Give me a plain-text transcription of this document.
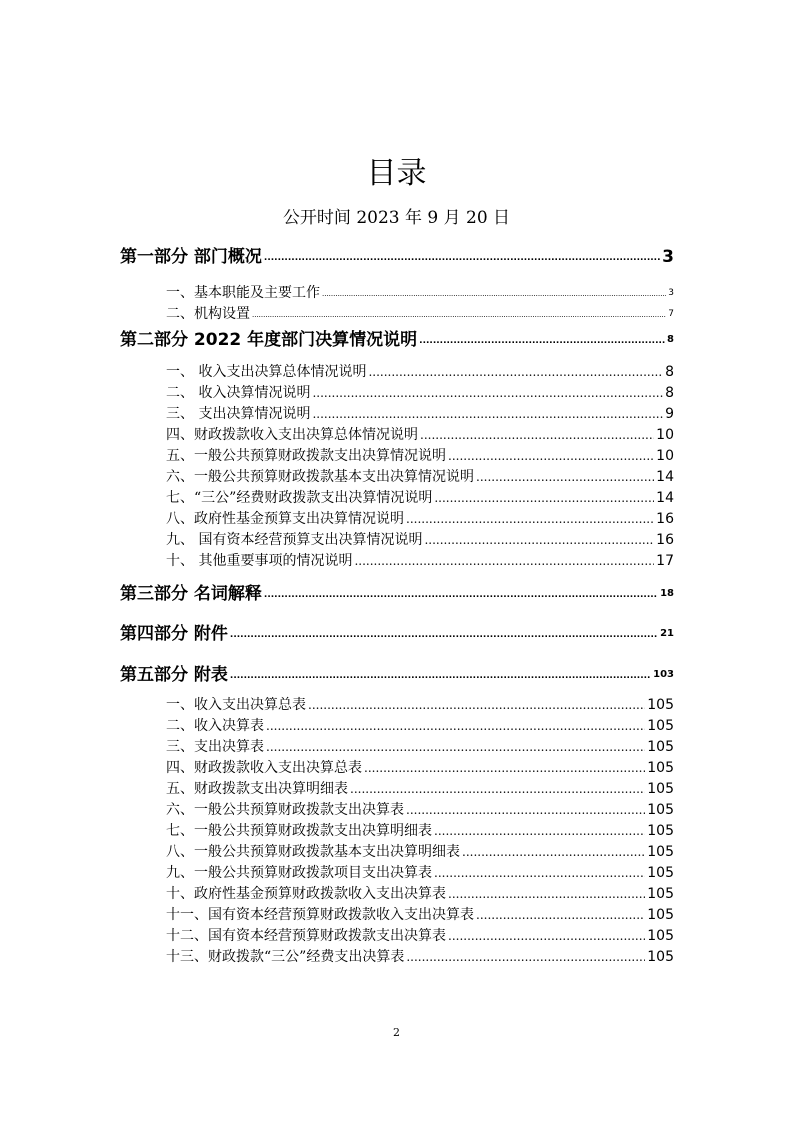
目录
公开时间 2023 年 9 月 20 日
第一部分 部门概况 .....	3
一、基本职能及主要工作 .....	3
二、机构设置 .....	7
第二部分 2022 年度部门决算情况说明 .....	8
一、 收入支出决算总体情况说明 .....	8
二、 收入决算情况说明 .....	8
三、 支出决算情况说明 .....	9
四、财政拨款收入支出决算总体情况说明 .....	10
五、一般公共预算财政拨款支出决算情况说明 .....	10
六、一般公共预算财政拨款基本支出决算情况说明 .....	14
七、“三公”经费财政拨款支出决算情况说明 .....	14
八、政府性基金预算支出决算情况说明 .....	16
九、 国有资本经营预算支出决算情况说明 .....	16
十、 其他重要事项的情况说明 .....	17
第三部分 名词解释 .....	18
第四部分 附件 .....	21
第五部分 附表 .....	103
一、收入支出决算总表 .....	105
二、收入决算表 .....	105
三、支出决算表 .....	105
四、财政拨款收入支出决算总表 .....	105
五、财政拨款支出决算明细表 .....	105
六、一般公共预算财政拨款支出决算表 .....	105
七、一般公共预算财政拨款支出决算明细表 .....	105
八、一般公共预算财政拨款基本支出决算明细表 .....	105
九、一般公共预算财政拨款项目支出决算表 .....	105
十、政府性基金预算财政拨款收入支出决算表 .....	105
十一、国有资本经营预算财政拨款收入支出决算表 .....	105
十二、国有资本经营预算财政拨款支出决算表 .....	105
十三、财政拨款“三公”经费支出决算表 .....	105
2
